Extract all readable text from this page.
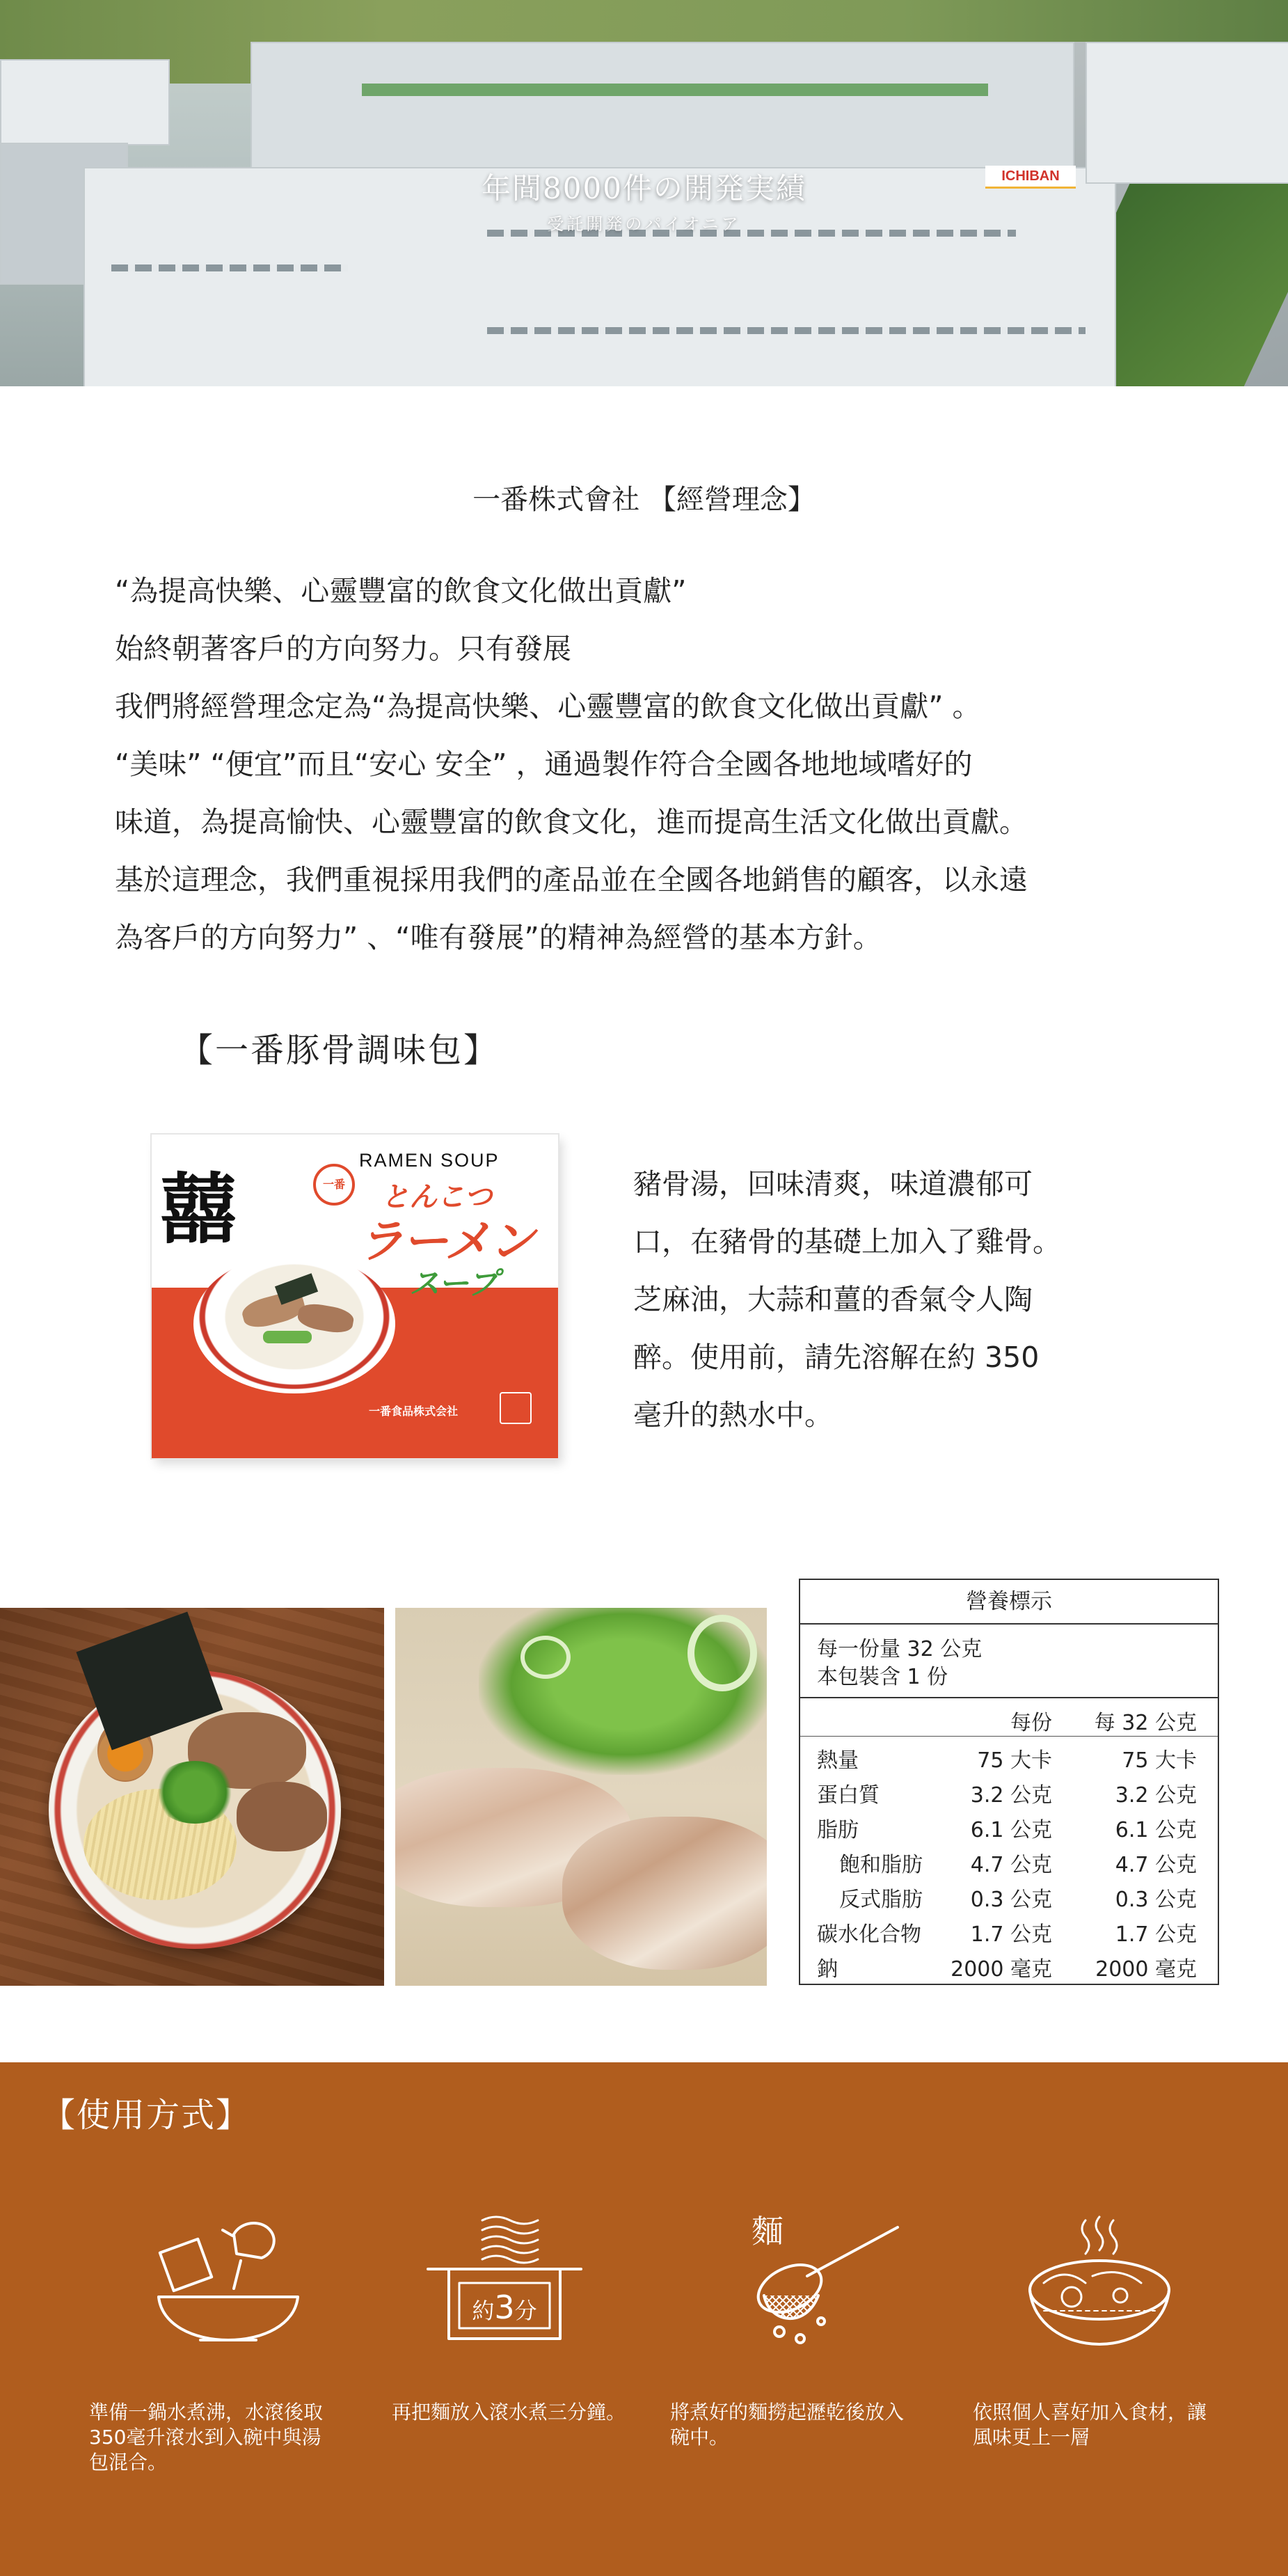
ICHIBAN
年間8000件の開発実績
受託開発のパイオニア
一番株式會社 【經營理念】
“為提高快樂、心靈豐富的飲食文化做出貢獻”
始終朝著客戶的方向努力。只有發展
我們將經營理念定為“為提高快樂、心靈豐富的飲食文化做出貢獻” 。
“美味” “便宜”而且“安心 安全” ，通過製作符合全國各地地域嗜好的
味道，為提高愉快、心靈豐富的飲食文化，進而提高生活文化做出貢獻。
基於這理念，我們重視採用我們的產品並在全國各地銷售的顧客，以永遠
為客戶的方向努力” 、“唯有發展”的精神為經營的基本方針。
【一番豚骨調味包】
囍	一番
RAMEN SOUP
とんこつ
ラーメン
スープ
一番食品株式会社
豬骨湯，回味清爽，味道濃郁可
口，在豬骨的基礎上加入了雞骨。
芝麻油，大蒜和薑的香氣令人陶
醉。使用前，請先溶解在約 350
毫升的熱水中。
營養標示
每一份量 32 公克
本包裝含 1 份
每份 每 32 公克
熱量	75 大卡	75 大卡
蛋白質	3.2 公克	3.2 公克
脂肪	6.1 公克	6.1 公克
飽和脂肪 4.7 公克	4.7 公克
反式脂肪 0.3 公克	0.3 公克
碳水化合物 1.7 公克	1.7 公克
鈉	2000 毫克 2000 毫克
【使用方式】
約3分
麵
準備一鍋水煮沸，水滾後取350毫升滾水到入碗中與湯包混合。
再把麵放入滾水煮三分鐘。 將煮好的麵撈起瀝乾後放入碗中。
依照個人喜好加入食材，讓風味更上一層
